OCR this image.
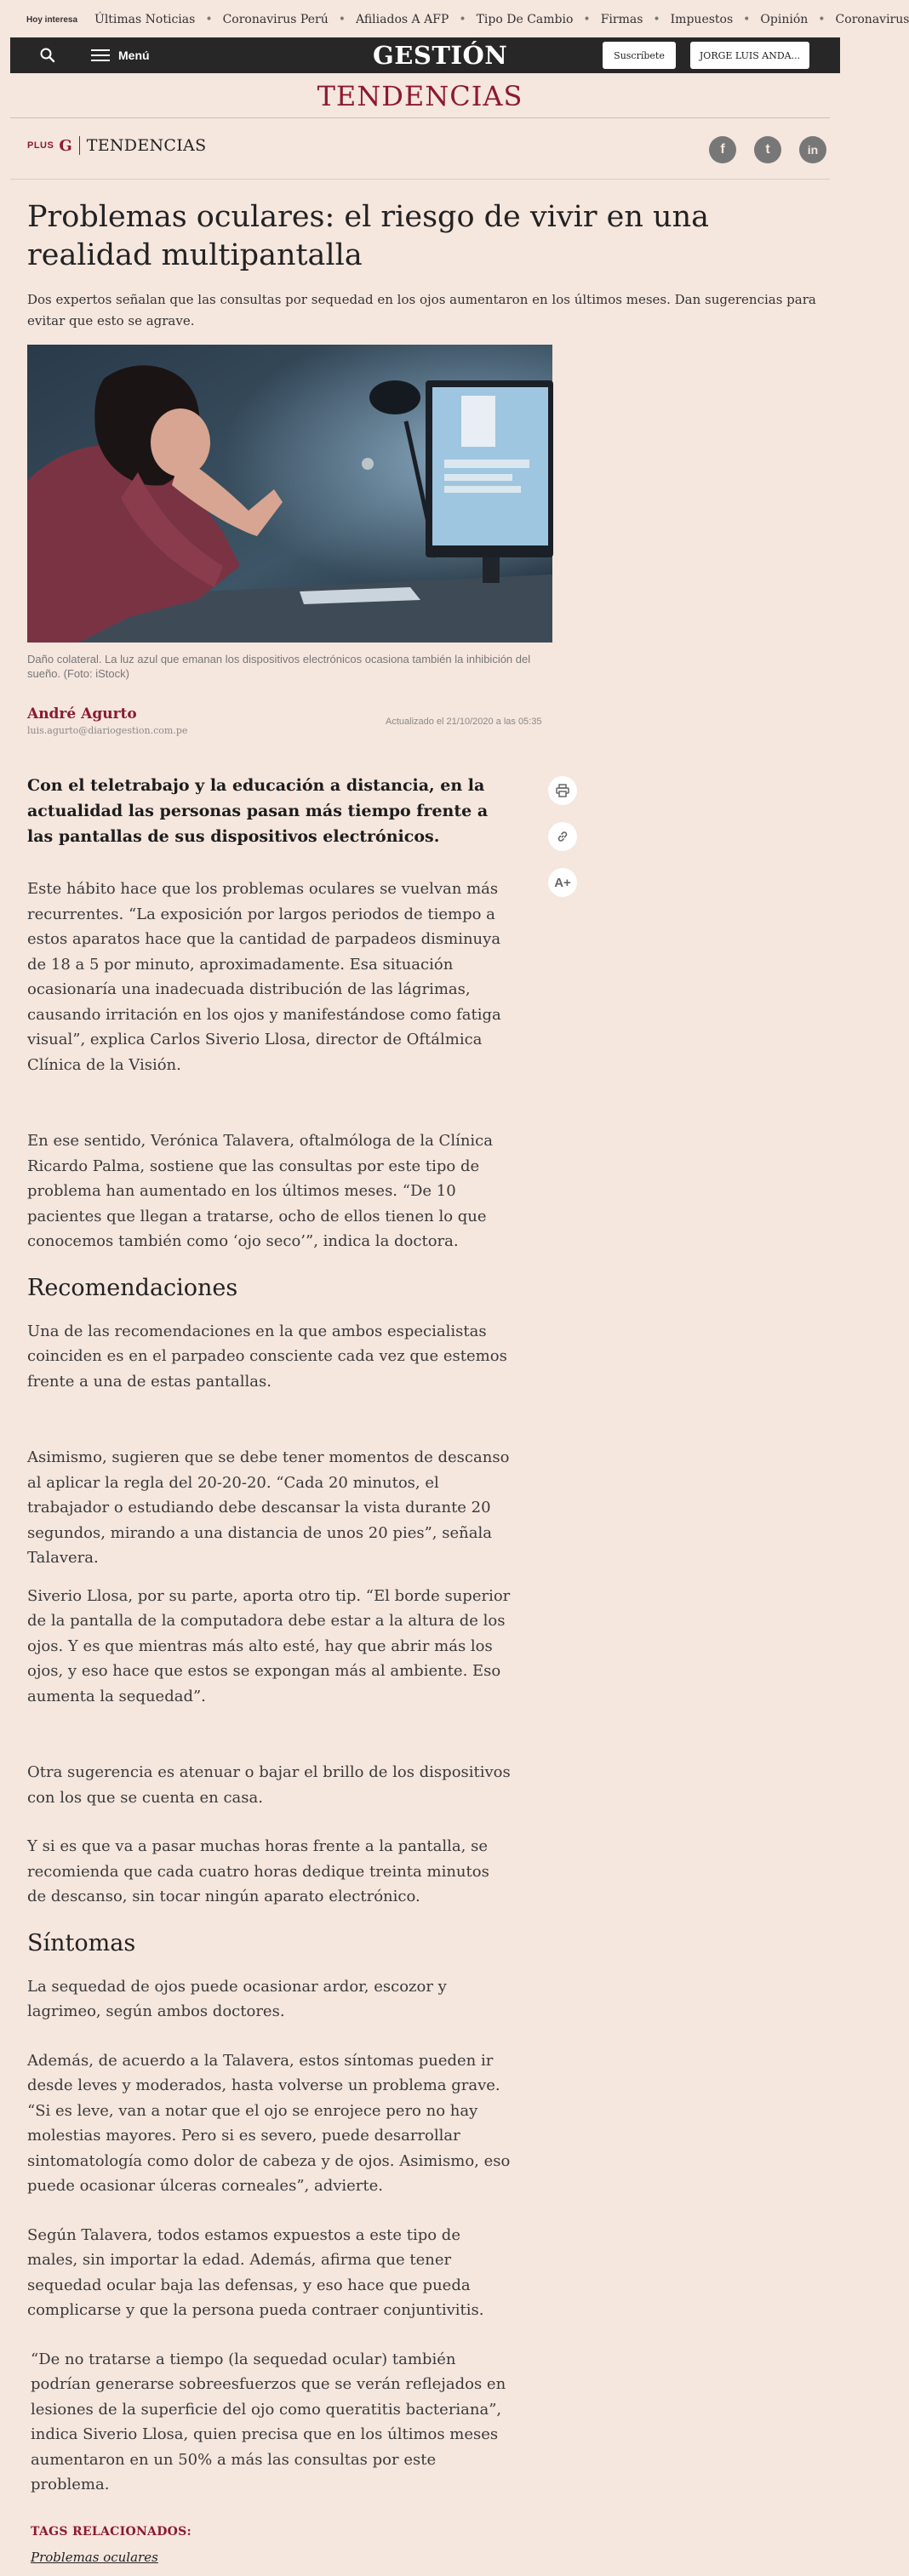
Hoy interesa Últimas Noticias • Coronavirus Perú • Afiliados A AFP • Tipo De Cambio • Firmas • Impuestos • Opinión • Coronavirus
Menú	GESTIÓN	Suscríbete	JORGE LUIS ANDA...
TENDENCIAS
PLUS G TENDENCIAS	f	t	in
Problemas oculares: el riesgo de vivir en una realidad multipantalla
Dos expertos señalan que las consultas por sequedad en los ojos aumentaron en los últimos meses. Dan sugerencias para evitar que esto se agrave.
Daño colateral. La luz azul que emanan los dispositivos electrónicos ocasiona también la inhibición del sueño. (Foto: iStock)
André Agurto
luis.agurto@diariogestion.com.pe
Actualizado el 21/10/2020 a las 05:35
A+

Con el teletrabajo y la educación a distancia, en la actualidad las personas pasan más tiempo frente a las pantallas de sus dispositivos electrónicos.

Este hábito hace que los problemas oculares se vuelvan más recurrentes. “La exposición por largos periodos de tiempo a estos aparatos hace que la cantidad de parpadeos disminuya de 18 a 5 por minuto, aproximadamente. Esa situación ocasionaría una inadecuada distribución de las lágrimas, causando irritación en los ojos y manifestándose como fatiga visual”, explica Carlos Siverio Llosa, director de Oftálmica Clínica de la Visión.

En ese sentido, Verónica Talavera, oftalmóloga de la Clínica Ricardo Palma, sostiene que las consultas por este tipo de problema han aumentado en los últimos meses. “De 10 pacientes que llegan a tratarse, ocho de ellos tienen lo que conocemos también como ‘ojo seco’”, indica la doctora.

Recomendaciones

Una de las recomendaciones en la que ambos especialistas coinciden es en el parpadeo consciente cada vez que estemos frente a una de estas pantallas.

Asimismo, sugieren que se debe tener momentos de descanso al aplicar la regla del 20-20-20. “Cada 20 minutos, el trabajador o estudiando debe descansar la vista durante 20 segundos, mirando a una distancia de unos 20 pies”, señala Talavera.

Siverio Llosa, por su parte, aporta otro tip. “El borde superior de la pantalla de la computadora debe estar a la altura de los ojos. Y es que mientras más alto esté, hay que abrir más los ojos, y eso hace que estos se expongan más al ambiente. Eso aumenta la sequedad”.

Otra sugerencia es atenuar o bajar el brillo de los dispositivos con los que se cuenta en casa.

Y si es que va a pasar muchas horas frente a la pantalla, se recomienda que cada cuatro horas dedique treinta minutos de descanso, sin tocar ningún aparato electrónico.

Síntomas

La sequedad de ojos puede ocasionar ardor, escozor y lagrimeo, según ambos doctores.

Además, de acuerdo a la Talavera, estos síntomas pueden ir desde leves y moderados, hasta volverse un problema grave. “Si es leve, van a notar que el ojo se enrojece pero no hay molestias mayores. Pero si es severo, puede desarrollar sintomatología como dolor de cabeza y de ojos. Asimismo, eso puede ocasionar úlceras corneales”, advierte.

Según Talavera, todos estamos expuestos a este tipo de males, sin importar la edad. Además, afirma que tener sequedad ocular baja las defensas, y eso hace que pueda complicarse y que la persona pueda contraer conjuntivitis.

“De no tratarse a tiempo (la sequedad ocular) también podrían generarse sobreesfuerzos que se verán reflejados en lesiones de la superficie del ojo como queratitis bacteriana”, indica Siverio Llosa, quien precisa que en los últimos meses aumentaron en un 50% a más las consultas por este problema.

TAGS RELACIONADOS:
Problemas oculares
